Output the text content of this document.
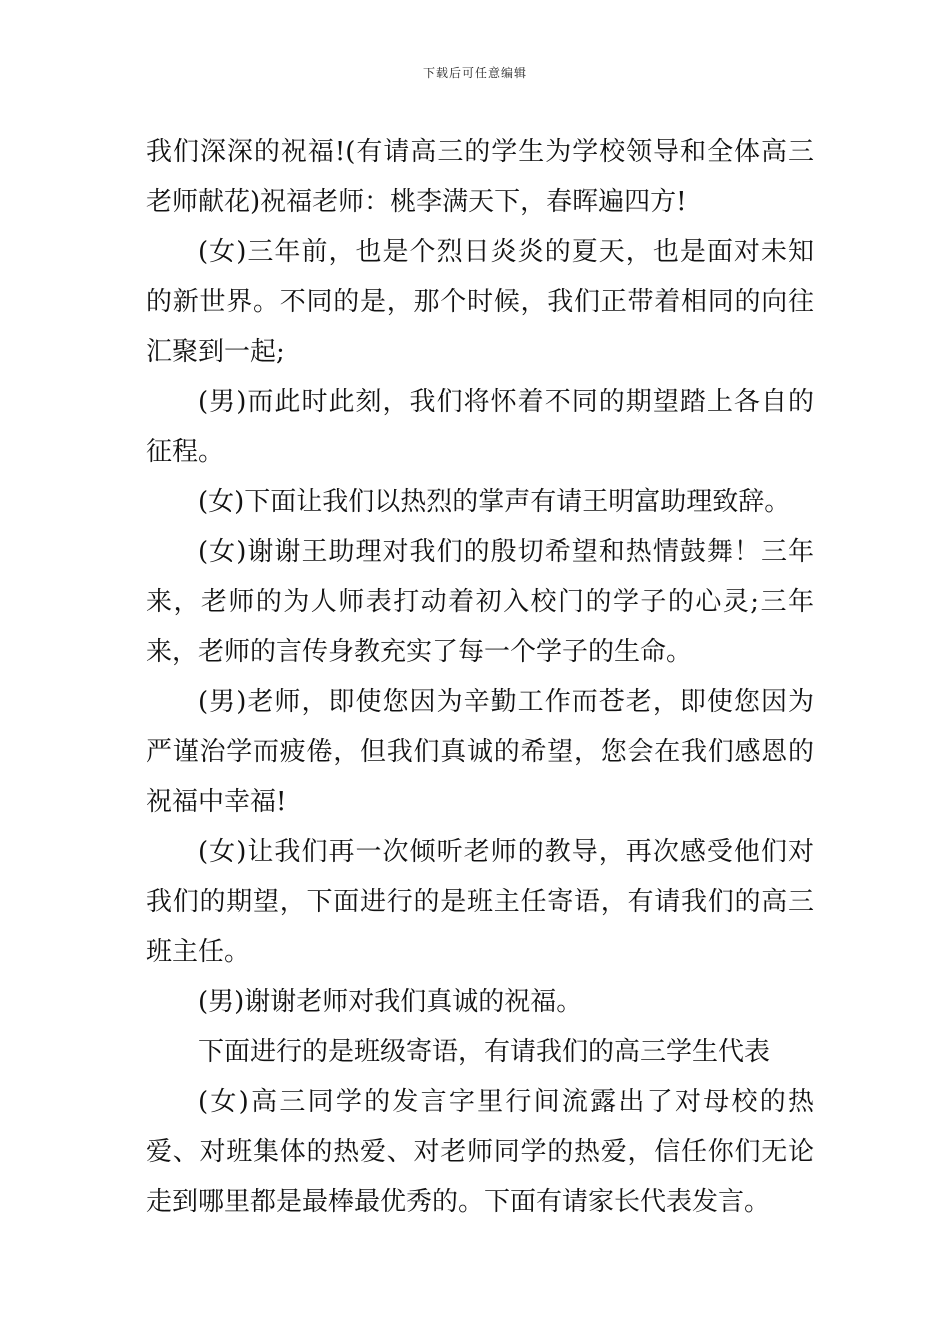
下载后可任意编辑

我们深深的祝福!(有请高三的学生为学校领导和全体高三老师献花)祝福老师：桃李满天下，春晖遍四方!

(女)三年前，也是个烈日炎炎的夏天，也是面对未知的新世界。不同的是，那个时候，我们正带着相同的向往汇聚到一起;

(男)而此时此刻，我们将怀着不同的期望踏上各自的征程。

(女)下面让我们以热烈的掌声有请王明富助理致辞。

(女)谢谢王助理对我们的殷切希望和热情鼓舞！三年来，老师的为人师表打动着初入校门的学子的心灵;三年来，老师的言传身教充实了每一个学子的生命。

(男)老师，即使您因为辛勤工作而苍老，即使您因为严谨治学而疲倦，但我们真诚的希望，您会在我们感恩的祝福中幸福!

(女)让我们再一次倾听老师的教导，再次感受他们对我们的期望，下面进行的是班主任寄语，有请我们的高三班主任。

(男)谢谢老师对我们真诚的祝福。

下面进行的是班级寄语，有请我们的高三学生代表

(女)高三同学的发言字里行间流露出了对母校的热爱、对班集体的热爱、对老师同学的热爱，信任你们无论走到哪里都是最棒最优秀的。下面有请家长代表发言。
